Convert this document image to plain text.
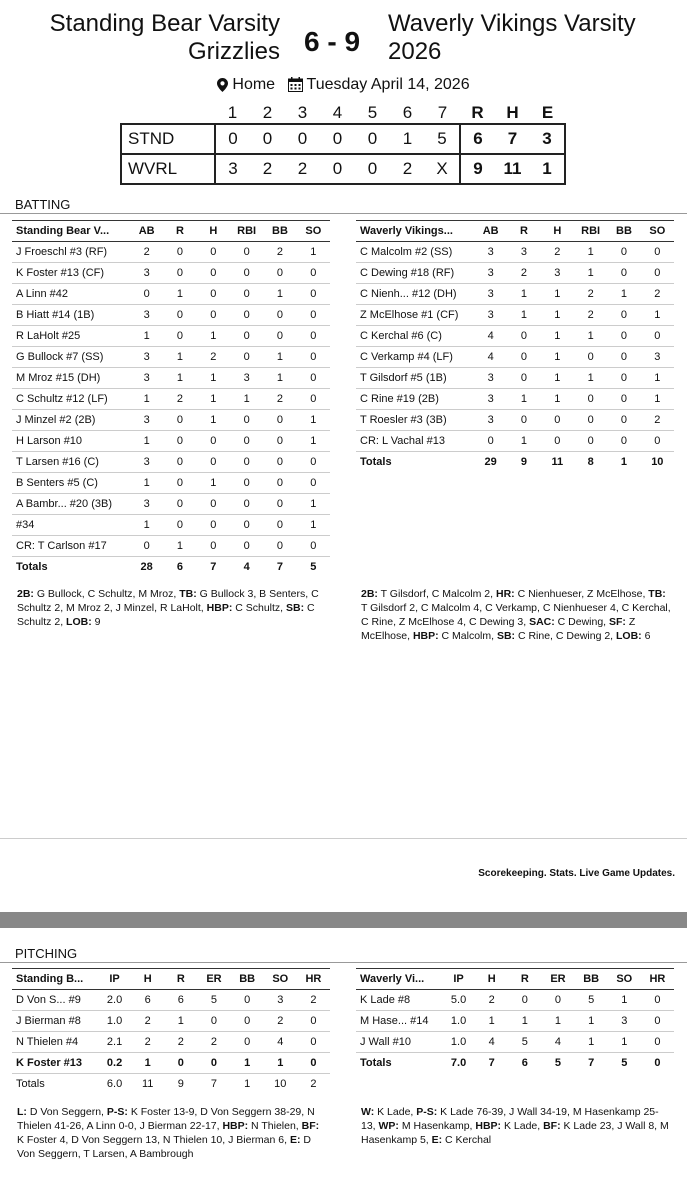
Standing Bear Varsity Grizzlies 6 - 9
Waverly Vikings Varsity 2026
Home Tuesday April 14, 2026
	1	2	3	4	5	6	7	R	H	E
STND	0	0	0	0	0	1	5	6	7	3
WVRL	3	2	2	0	0	2	X	9	11	1
BATTING
Standing Bear V...	AB	R	H	RBI	BB	SO
J Froeschl #3 (RF)	2	0	0	0	2	1
K Foster #13 (CF)	3	0	0	0	0	0
A Linn #42	0	1	0	0	1	0
B Hiatt #14 (1B)	3	0	0	0	0	0
R LaHolt #25	1	0	1	0	0	0
G Bullock #7 (SS)	3	1	2	0	1	0
M Mroz #15 (DH)	3	1	1	3	1	0
C Schultz #12 (LF)	1	2	1	1	2	0
J Minzel #2 (2B)	3	0	1	0	0	1
H Larson #10	1	0	0	0	0	1
T Larsen #16 (C)	3	0	0	0	0	0
B Senters #5 (C)	1	0	1	0	0	0
A Bambr... #20 (3B)	3	0	0	0	0	1
#34	1	0	0	0	0	1
CR: T Carlson #17	0	1	0	0	0	0
Totals	28	6	7	4	7	5
Waverly Vikings...	AB	R	H	RBI	BB	SO
C Malcolm #2 (SS)	3	3	2	1	0	0
C Dewing #18 (RF)	3	2	3	1	0	0
C Nienh... #12 (DH)	3	1	1	2	1	2
Z McElhose #1 (CF)	3	1	1	2	0	1
C Kerchal #6 (C)	4	0	1	1	0	0
C Verkamp #4 (LF)	4	0	1	0	0	3
T Gilsdorf #5 (1B)	3	0	1	1	0	1
C Rine #19 (2B)	3	1	1	0	0	1
T Roesler #3 (3B)	3	0	0	0	0	2
CR: L Vachal #13	0	1	0	0	0	0
Totals	29	9	11	8	1	10
2B: G Bullock, C Schultz, M Mroz, TB: G Bullock 3, B Senters, C Schultz 2, M Mroz 2, J Minzel, R LaHolt, HBP: C Schultz, SB: C Schultz 2, LOB: 9
2B: T Gilsdorf, C Malcolm 2, HR: C Nienhueser, Z McElhose, TB: T Gilsdorf 2, C Malcolm 4, C Verkamp, C Nienhueser 4, C Kerchal, C Rine, Z McElhose 4, C Dewing 3, SAC: C Dewing, SF: Z McElhose, HBP: C Malcolm, SB: C Rine, C Dewing 2, LOB: 6
Scorekeeping. Stats. Live Game Updates.
PITCHING
Standing B...	IP	H	R	ER	BB	SO	HR
D Von S... #9	2.0	6	6	5	0	3	2
J Bierman #8	1.0	2	1	0	0	2	0
N Thielen #4	2.1	2	2	2	0	4	0
K Foster #13	0.2	1	0	0	1	1	0
Totals	6.0	11	9	7	1	10	2
Waverly Vi...	IP	H	R	ER	BB	SO	HR
K Lade #8	5.0	2	0	0	5	1	0
M Hase... #14	1.0	1	1	1	1	3	0
J Wall #10	1.0	4	5	4	1	1	0
Totals	7.0	7	6	5	7	5	0
L: D Von Seggern, P-S: K Foster 13-9, D Von Seggern 38-29, N Thielen 41-26, A Linn 0-0, J Bierman 22-17, HBP: N Thielen, BF: K Foster 4, D Von Seggern 13, N Thielen 10, J Bierman 6, E: D Von Seggern, T Larsen, A Bambrough
W: K Lade, P-S: K Lade 76-39, J Wall 34-19, M Hasenkamp 25-13, WP: M Hasenkamp, HBP: K Lade, BF: K Lade 23, J Wall 8, M Hasenkamp 5, E: C Kerchal
